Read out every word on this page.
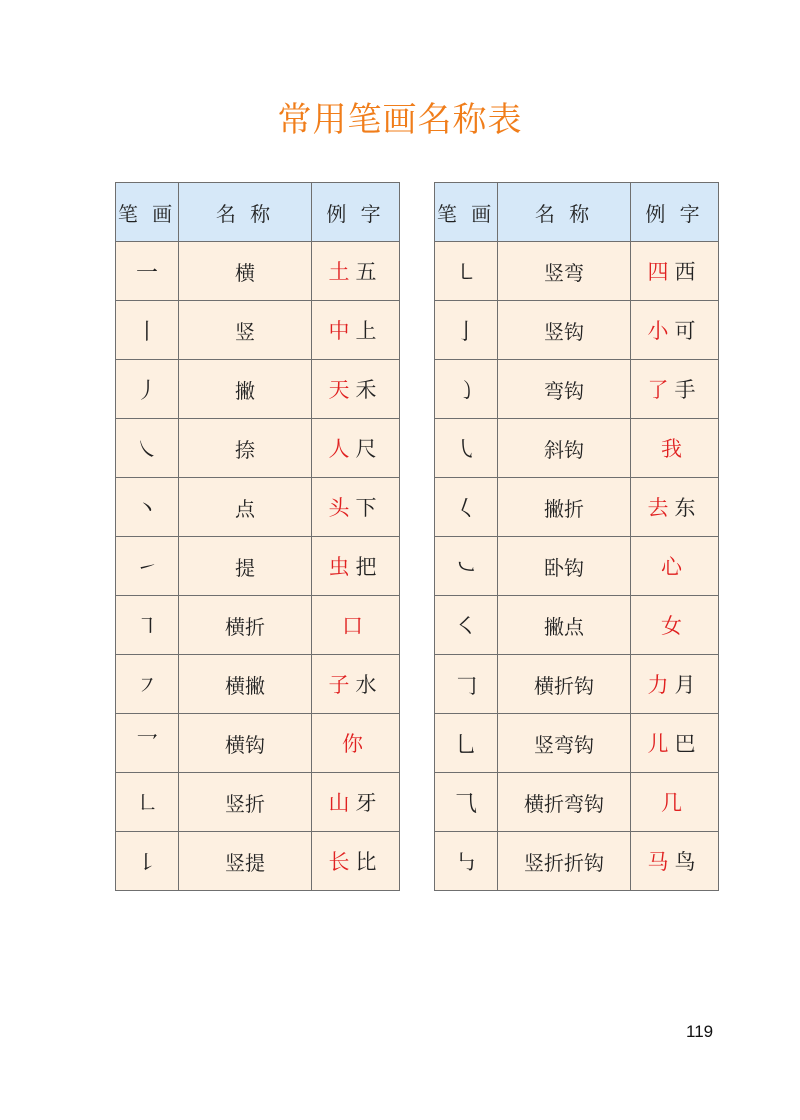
常用笔画名称表
笔 画	名 称	例 字
一	横	土五
丨	竖	中上
丿	撇	天禾
㇏	捺	人尺
丶	点	头下
㇀	提	虫把
㇕	横折	口
㇇	横撇	子水
乛	横钩	你
㇗	竖折	山牙
㇙	竖提	长比
笔 画	名 称	例 字
㇄	竖弯	四西
亅	竖钩	小可
㇁	弯钩	了手
㇂	斜钩	我
𡿨	撇折	去东
㇃	卧钩	心
㇛	撇点	女
𠃌	横折钩	力月
乚	竖弯钩	儿巴
⺄	横折弯钩	几
㇉	竖折折钩	马鸟
119
